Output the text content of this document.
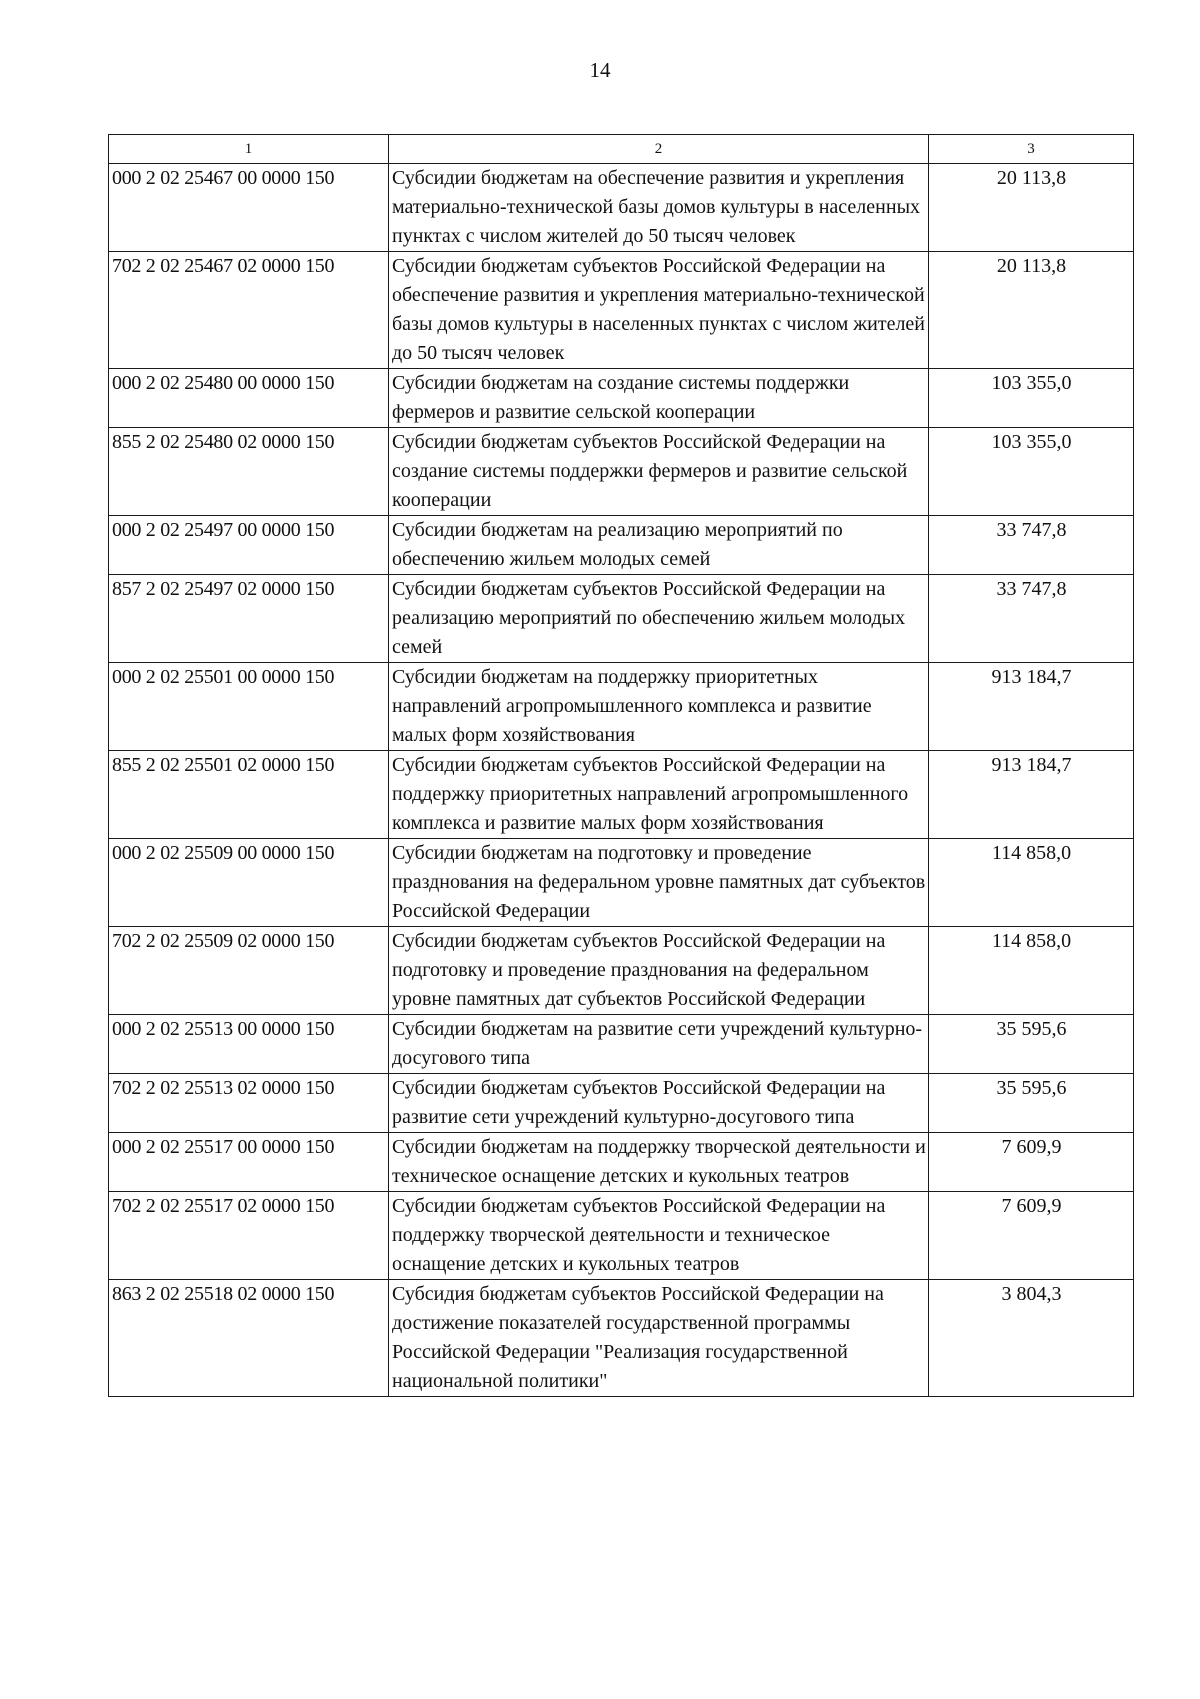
14
1	2	3
000 2 02 25467 00 0000 150	Субсидии бюджетам на обеспечение развития и укрепления материально-технической базы домов культуры в населенных пунктах с числом жителей до 50 тысяч человек	20 113,8
702 2 02 25467 02 0000 150	Субсидии бюджетам субъектов Российской Федерации на обеспечение развития и укрепления материально-технической базы домов культуры в населенных пунктах с числом жителей до 50 тысяч человек	20 113,8
000 2 02 25480 00 0000 150	Субсидии бюджетам на создание системы поддержки фермеров и развитие сельской кооперации	103 355,0
855 2 02 25480 02 0000 150	Субсидии бюджетам субъектов Российской Федерации на создание системы поддержки фермеров и развитие сельской кооперации	103 355,0
000 2 02 25497 00 0000 150	Субсидии бюджетам на реализацию мероприятий по обеспечению жильем молодых семей	33 747,8
857 2 02 25497 02 0000 150	Субсидии бюджетам субъектов Российской Федерации на реализацию мероприятий по обеспечению жильем молодых семей	33 747,8
000 2 02 25501 00 0000 150	Субсидии бюджетам на поддержку приоритетных направлений агропромышленного комплекса и развитие малых форм хозяйствования	913 184,7
855 2 02 25501 02 0000 150	Субсидии бюджетам субъектов Российской Федерации на поддержку приоритетных направлений агропромышленного комплекса и развитие малых форм хозяйствования	913 184,7
000 2 02 25509 00 0000 150	Субсидии бюджетам на подготовку и проведение празднования на федеральном уровне памятных дат субъектов Российской Федерации	114 858,0
702 2 02 25509 02 0000 150	Субсидии бюджетам субъектов Российской Федерации на подготовку и проведение празднования на федеральном уровне памятных дат субъектов Российской Федерации	114 858,0
000 2 02 25513 00 0000 150	Субсидии бюджетам на развитие сети учреждений культурно-досугового типа	35 595,6
702 2 02 25513 02 0000 150	Субсидии бюджетам субъектов Российской Федерации на развитие сети учреждений культурно-досугового типа	35 595,6
000 2 02 25517 00 0000 150	Субсидии бюджетам на поддержку творческой деятельности и техническое оснащение детских и кукольных театров	7 609,9
702 2 02 25517 02 0000 150	Субсидии бюджетам субъектов Российской Федерации на поддержку творческой деятельности и техническое оснащение детских и кукольных театров	7 609,9
863 2 02 25518 02 0000 150	Субсидия бюджетам субъектов Российской Федерации на достижение показателей государственной программы Российской Федерации "Реализация государственной национальной политики"	3 804,3
